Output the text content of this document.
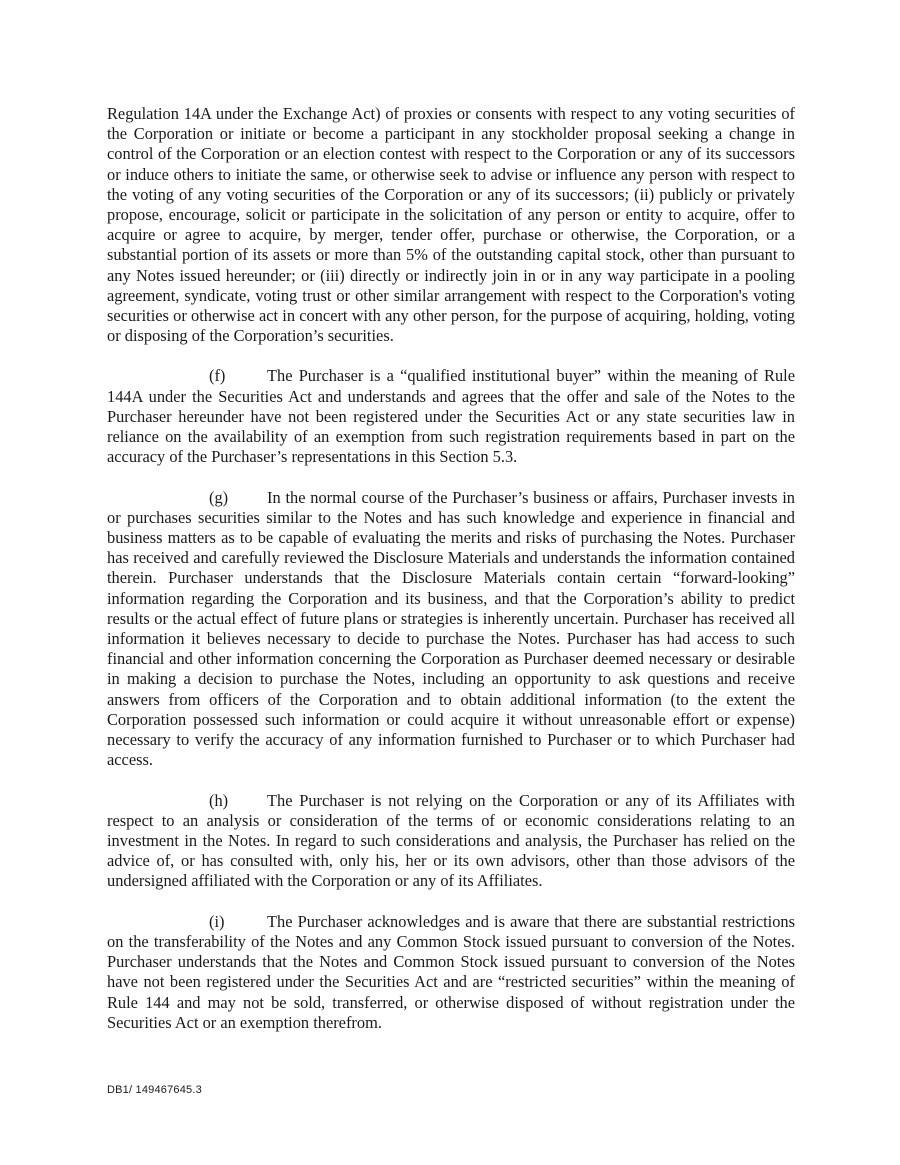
Regulation 14A under the Exchange Act) of proxies or consents with respect to any voting securities of the Corporation or initiate or become a participant in any stockholder proposal seeking a change in control of the Corporation or an election contest with respect to the Corporation or any of its successors or induce others to initiate the same, or otherwise seek to advise or influence any person with respect to the voting of any voting securities of the Corporation or any of its successors; (ii) publicly or privately propose, encourage, solicit or participate in the solicitation of any person or entity to acquire, offer to acquire or agree to acquire, by merger, tender offer, purchase or otherwise, the Corporation, or a substantial portion of its assets or more than 5% of the outstanding capital stock, other than pursuant to any Notes issued hereunder; or (iii) directly or indirectly join in or in any way participate in a pooling agreement, syndicate, voting trust or other similar arrangement with respect to the Corporation's voting securities or otherwise act in concert with any other person, for the purpose of acquiring, holding, voting or disposing of the Corporation’s securities.

(f)	The Purchaser is a “qualified institutional buyer” within the meaning of Rule 144A under the Securities Act and understands and agrees that the offer and sale of the Notes to the Purchaser hereunder have not been registered under the Securities Act or any state securities law in reliance on the availability of an exemption from such registration requirements based in part on the accuracy of the Purchaser’s representations in this Section 5.3.

(g) In the normal course of the Purchaser’s business or affairs, Purchaser invests in or purchases securities similar to the Notes and has such knowledge and experience in financial and business matters as to be capable of evaluating the merits and risks of purchasing the Notes. Purchaser has received and carefully reviewed the Disclosure Materials and understands the information contained therein. Purchaser understands that the Disclosure Materials contain certain “forward-looking” information regarding the Corporation and its business, and that the Corporation’s ability to predict results or the actual effect of future plans or strategies is inherently uncertain. Purchaser has received all information it believes necessary to decide to purchase the Notes. Purchaser has had access to such financial and other information concerning the Corporation as Purchaser deemed necessary or desirable in making a decision to purchase the Notes, including an opportunity to ask questions and receive answers from officers of the Corporation and to obtain additional information (to the extent the Corporation possessed such information or could acquire it without unreasonable effort or expense) necessary to verify the accuracy of any information furnished to Purchaser or to which Purchaser had access.

(h) The Purchaser is not relying on the Corporation or any of its Affiliates with respect to an analysis or consideration of the terms of or economic considerations relating to an investment in the Notes. In regard to such considerations and analysis, the Purchaser has relied on the advice of, or has consulted with, only his, her or its own advisors, other than those advisors of the undersigned affiliated with the Corporation or any of its Affiliates.

(i)	The Purchaser acknowledges and is aware that there are substantial restrictions on the transferability of the Notes and any Common Stock issued pursuant to conversion of the Notes. Purchaser understands that the Notes and Common Stock issued pursuant to conversion of the Notes have not been registered under the Securities Act and are “restricted securities” within the meaning of Rule 144 and may not be sold, transferred, or otherwise disposed of without registration under the Securities Act or an exemption therefrom.

DB1/ 149467645.3
